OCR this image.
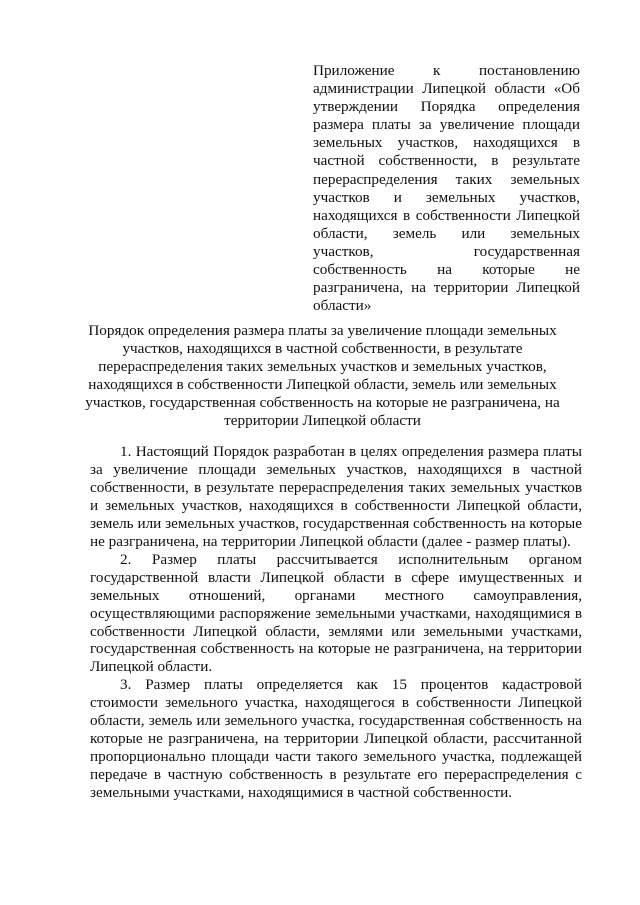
Приложение к постановлению администрации Липецкой области «Об утверждении Порядка определения размера платы за увеличение площади земельных участков, находящихся в частной собственности, в результате перераспределения таких земельных участков и земельных участков, находящихся в собственности Липецкой области, земель или земельных участков, государственная собственность на которые не разграничена, на территории Липецкой области»
Порядок определения размера платы за увеличение площади земельных участков, находящихся в частной собственности, в результате перераспределения таких земельных участков и земельных участков, находящихся в собственности Липецкой области, земель или земельных участков, государственная собственность на которые не разграничена, на территории Липецкой области

1. Настоящий Порядок разработан в целях определения размера платы за увеличение площади земельных участков, находящихся в частной собственности, в результате перераспределения таких земельных участков и земельных участков, находящихся в собственности Липецкой области, земель или земельных участков, государственная собственность на которые не разграничена, на территории Липецкой области (далее - размер платы).

2. Размер платы рассчитывается исполнительным органом государственной власти Липецкой области в сфере имущественных и земельных отношений, органами местного самоуправления, осуществляющими распоряжение земельными участками, находящимися в собственности Липецкой области, землями или земельными участками, государственная собственность на которые не разграничена, на территории Липецкой области.

3. Размер платы определяется как 15 процентов кадастровой стоимости земельного участка, находящегося в собственности Липецкой области, земель или земельного участка, государственная собственность на которые не разграничена, на территории Липецкой области, рассчитанной пропорционально площади части такого земельного участка, подлежащей передаче в частную собственность в результате его перераспределения с земельными участками, находящимися в частной собственности.
